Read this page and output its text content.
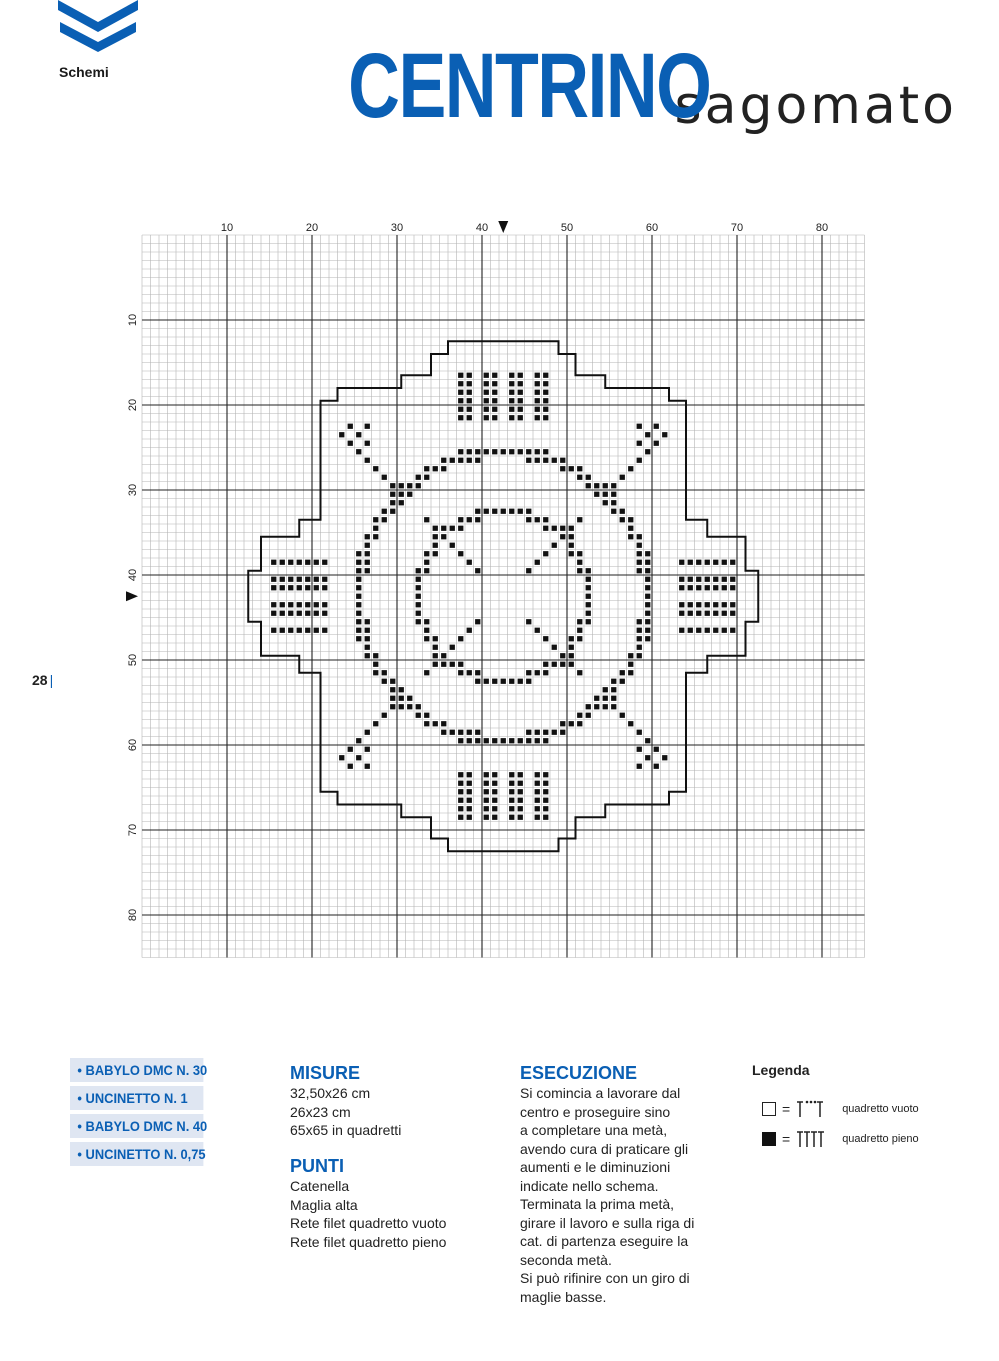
Schemi	CENTRINO sagomato
28 |
10	20	30	40	50	60	70	80
10
20
30
40
50
60
70
80
• BABYLO DMC N. 30
• UNCINETTO N. 1
• BABYLO DMC N. 40
• UNCINETTO N. 0,75
MISURE
32,50x26 cm
26x23 cm
65x65 in quadretti
PUNTI
Catenella
Maglia alta
Rete filet quadretto vuoto
Rete filet quadretto pieno
ESECUZIONE

Si comincia a lavorare dal

centro e proseguire sino

a completare una metà,

avendo cura di praticare gli

aumenti e le diminuzioni

indicate nello schema.

Terminata la prima metà,

girare il lavoro e sulla riga di

cat. di partenza eseguire la

seconda metà.

Si può rifinire con un giro di

maglie basse.

Legenda
=	quadretto vuoto
=	quadretto pieno
